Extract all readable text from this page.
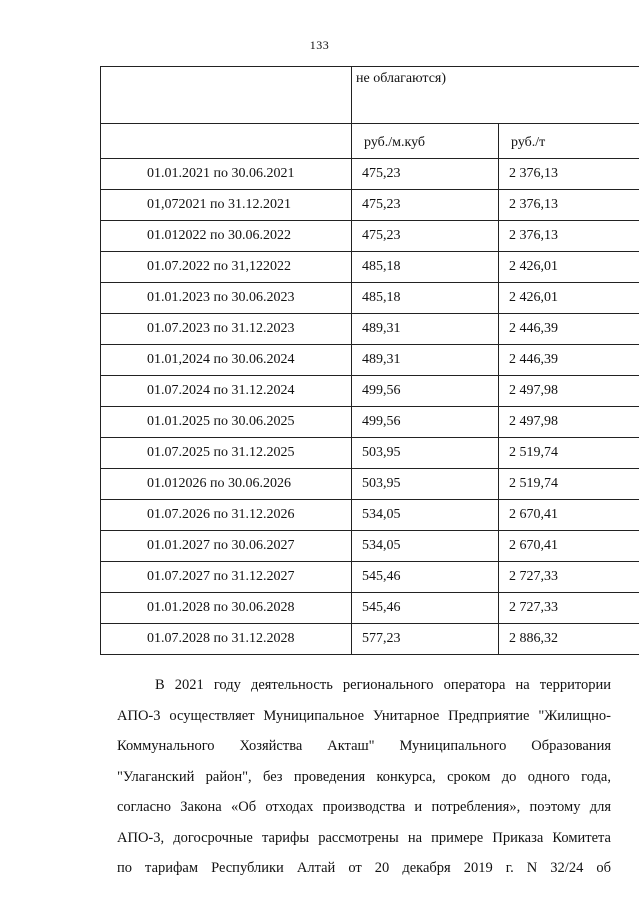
133
	не облагаются)	
	руб./м.куб	руб./т
01.01.2021 по 30.06.2021	475,23	2 376,13
01,072021 по 31.12.2021	475,23	2 376,13
01.012022 по 30.06.2022	475,23	2 376,13
01.07.2022 по 31,122022	485,18	2 426,01
01.01.2023 по 30.06.2023	485,18	2 426,01
01.07.2023 по 31.12.2023	489,31	2 446,39
01.01,2024 по 30.06.2024	489,31	2 446,39
01.07.2024 по 31.12.2024	499,56	2 497,98
01.01.2025 по 30.06.2025	499,56	2 497,98
01.07.2025 по 31.12.2025	503,95	2 519,74
01.012026 по 30.06.2026	503,95	2 519,74
01.07.2026 по 31.12.2026	534,05	2 670,41
01.01.2027 по 30.06.2027	534,05	2 670,41
01.07.2027 по 31.12.2027	545,46	2 727,33
01.01.2028 по 30.06.2028	545,46	2 727,33
01.07.2028 по 31.12.2028	577,23	2 886,32
В 2021 году деятельность регионального оператора на территории
АПО-3 осуществляет Муниципальное Унитарное Предприятие "Жилищно-
Коммунального Хозяйства Акташ" Муниципального Образования
"Улаганский район", без проведения конкурса, сроком до одного года,
согласно Закона «Об отходах производства и потребления», поэтому для
АПО-3, догосрочные тарифы рассмотрены на примере Приказа Комитета
по тарифам Республики Алтай от 20 декабря 2019 г. N 32/24 об
